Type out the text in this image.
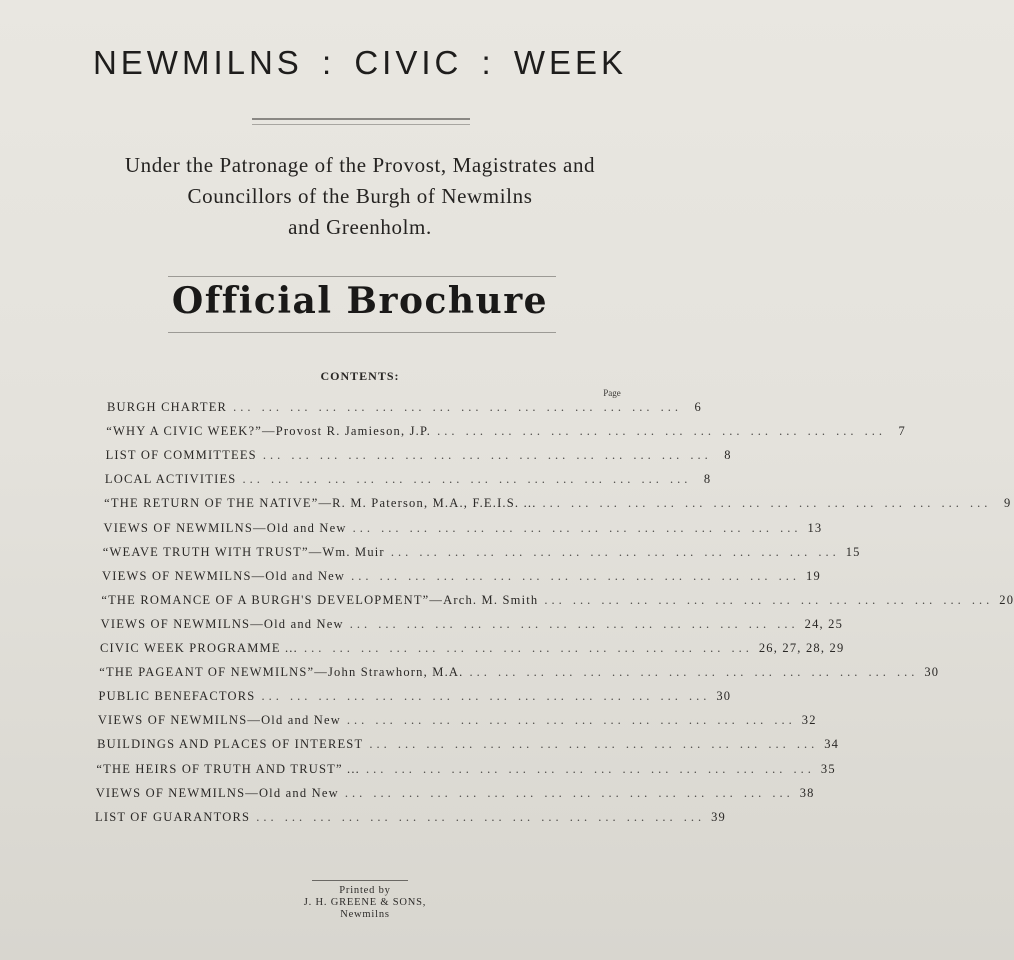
NEWMILNS : CIVIC : WEEK
Under the Patronage of the Provost, Magistrates and
Councillors of the Burgh of Newmilns
and Greenholm.
Official Brochure
CONTENTS:
Page
BURGH CHARTER ... ... ... ... ... ... ... ... ... ... ... ... ... ... ... ...	6
“WHY A CIVIC WEEK?”—Provost R. Jamieson, J.P. ... ... ... ... ... ... ... ... ... ... ... ... ... ... ... ...	7
LIST OF COMMITTEES ... ... ... ... ... ... ... ... ... ... ... ... ... ... ... ...	8
LOCAL ACTIVITIES ... ... ... ... ... ... ... ... ... ... ... ... ... ... ... ...	8
“THE RETURN OF THE NATIVE”—R. M. Paterson, M.A., F.E.I.S. ... ... ... ... ... ... ... ... ... ... ... ... ... ... ... ... ...	9
VIEWS OF NEWMILNS—Old and New ... ... ... ... ... ... ... ... ... ... ... ... ... ... ... ... 13
“WEAVE TRUTH WITH TRUST”—Wm. Muir ... ... ... ... ... ... ... ... ... ... ... ... ... ... ... ... 15
VIEWS OF NEWMILNS—Old and New ... ... ... ... ... ... ... ... ... ... ... ... ... ... ... ... 19
“THE ROMANCE OF A BURGH'S DEVELOPMENT”—Arch. M. Smith ... ... ... ... ... ... ... ... ... ... ... ... ... ... ... ... 20
VIEWS OF NEWMILNS—Old and New ... ... ... ... ... ... ... ... ... ... ... ... ... ... ... ... 24, 25
CIVIC WEEK PROGRAMME ... ... ... ... ... ... ... ... ... ... ... ... ... ... ... ... ... 26, 27, 28, 29
“THE PAGEANT OF NEWMILNS”—John Strawhorn, M.A. ... ... ... ... ... ... ... ... ... ... ... ... ... ... ... ... 30
PUBLIC BENEFACTORS ... ... ... ... ... ... ... ... ... ... ... ... ... ... ... ... 30
VIEWS OF NEWMILNS—Old and New ... ... ... ... ... ... ... ... ... ... ... ... ... ... ... ... 32
BUILDINGS AND PLACES OF INTEREST ... ... ... ... ... ... ... ... ... ... ... ... ... ... ... ... 34
“THE HEIRS OF TRUTH AND TRUST” ... ... ... ... ... ... ... ... ... ... ... ... ... ... ... ... ... 35
VIEWS OF NEWMILNS—Old and New ... ... ... ... ... ... ... ... ... ... ... ... ... ... ... ... 38
LIST OF GUARANTORS ... ... ... ... ... ... ... ... ... ... ... ... ... ... ... ... 39
Printed by
J. H. GREENE & SONS,
Newmilns
